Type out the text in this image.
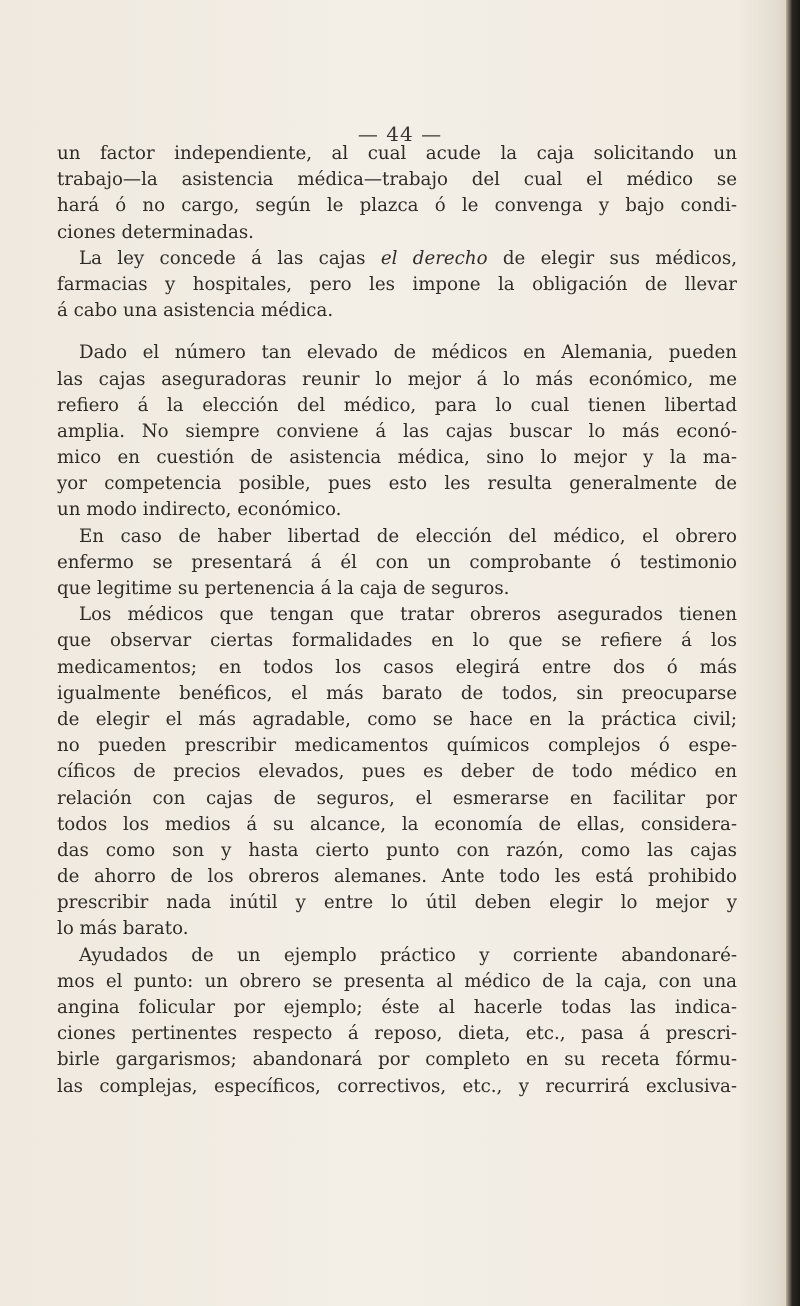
— 44 —
un factor independiente, al cual acude la caja solicitando un
trabajo—la asistencia médica—trabajo del cual el médico se
hará ó no cargo, según le plazca ó le convenga y bajo condi-
ciones determinadas.
La ley concede á las cajas el derecho de elegir sus médicos,
farmacias y hospitales, pero les impone la obligación de llevar
á cabo una asistencia médica.
Dado el número tan elevado de médicos en Alemania, pueden
las cajas aseguradoras reunir lo mejor á lo más económico, me
refiero á la elección del médico, para lo cual tienen libertad
amplia. No siempre conviene á las cajas buscar lo más econó-
mico en cuestión de asistencia médica, sino lo mejor y la ma-
yor competencia posible, pues esto les resulta generalmente de
un modo indirecto, económico.
En caso de haber libertad de elección del médico, el obrero
enfermo se presentará á él con un comprobante ó testimonio
que legitime su pertenencia á la caja de seguros.
Los médicos que tengan que tratar obreros asegurados tienen
que observar ciertas formalidades en lo que se refiere á los
medicamentos; en todos los casos elegirá entre dos ó más
igualmente benéficos, el más barato de todos, sin preocuparse
de elegir el más agradable, como se hace en la práctica civil;
no pueden prescribir medicamentos químicos complejos ó espe-
cíficos de precios elevados, pues es deber de todo médico en
relación con cajas de seguros, el esmerarse en facilitar por
todos los medios á su alcance, la economía de ellas, considera-
das como son y hasta cierto punto con razón, como las cajas
de ahorro de los obreros alemanes. Ante todo les está prohibido
prescribir nada inútil y entre lo útil deben elegir lo mejor y
lo más barato.
Ayudados de un ejemplo práctico y corriente abandonaré-
mos el punto: un obrero se presenta al médico de la caja, con una
angina folicular por ejemplo; éste al hacerle todas las indica-
ciones pertinentes respecto á reposo, dieta, etc., pasa á prescri-
birle gargarismos; abandonará por completo en su receta fórmu-
las complejas, específicos, correctivos, etc., y recurrirá exclusiva-
